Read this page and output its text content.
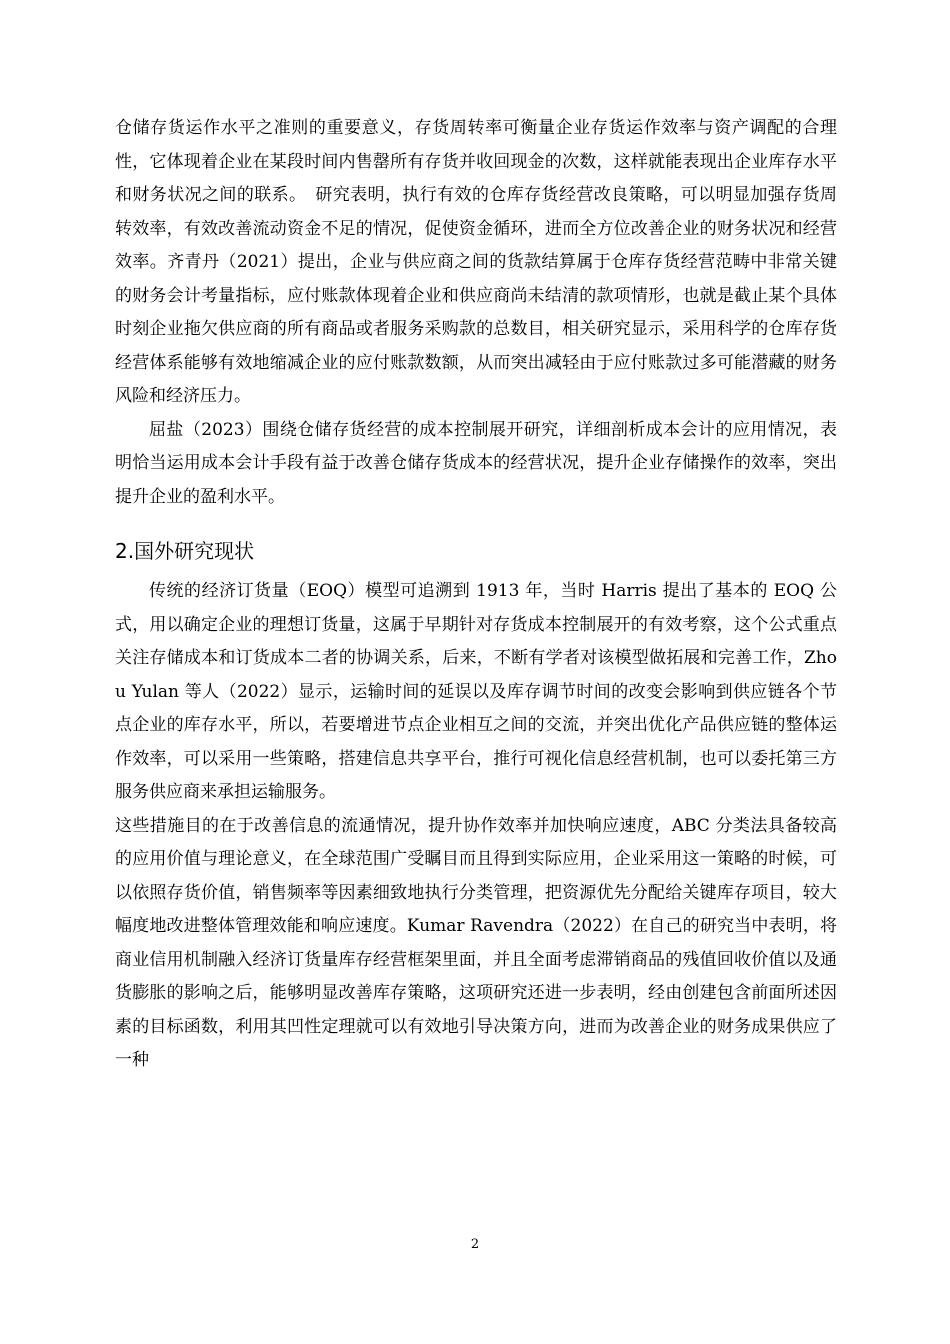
仓储存货运作水平之准则的重要意义，存货周转率可衡量企业存货运作效率与资产调配的合理性，它体现着企业在某段时间内售罄所有存货并收回现金的次数，这样就能表现出企业库存水平和财务状况之间的联系。　研究表明，执行有效的仓库存货经营改良策略，可以明显加强存货周转效率，有效改善流动资金不足的情况，促使资金循环，进而全方位改善企业的财务状况和经营效率。齐青丹（2021）提出，企业与供应商之间的货款结算属于仓库存货经营范畴中非常关键的财务会计考量指标，应付账款体现着企业和供应商尚未结清的款项情形，也就是截止某个具体时刻企业拖欠供应商的所有商品或者服务采购款的总数目，相关研究显示，采用科学的仓库存货经营体系能够有效地缩减企业的应付账款数额，从而突出减轻由于应付账款过多可能潜藏的财务风险和经济压力。

屈盐（2023）围绕仓储存货经营的成本控制展开研究，详细剖析成本会计的应用情况，表明恰当运用成本会计手段有益于改善仓储存货成本的经营状况，提升企业存储操作的效率，突出提升企业的盈利水平。

2.国外研究现状

传统的经济订货量（EOQ）模型可追溯到 1913 年，当时 Harris 提出了基本的 EOQ 公式，用以确定企业的理想订货量，这属于早期针对存货成本控制展开的有效考察，这个公式重点关注存储成本和订货成本二者的协调关系，后来，不断有学者对该模型做拓展和完善工作，Zhou Yulan 等人（2022）显示，运输时间的延误以及库存调节时间的改变会影响到供应链各个节点企业的库存水平，所以，若要增进节点企业相互之间的交流，并突出优化产品供应链的整体运作效率，可以采用一些策略，搭建信息共享平台，推行可视化信息经营机制，也可以委托第三方服务供应商来承担运输服务。

这些措施目的在于改善信息的流通情况，提升协作效率并加快响应速度，ABC 分类法具备较高的应用价值与理论意义，在全球范围广受瞩目而且得到实际应用，企业采用这一策略的时候，可以依照存货价值，销售频率等因素细致地执行分类管理，把资源优先分配给关键库存项目，较大幅度地改进整体管理效能和响应速度。Kumar Ravendra（2022）在自己的研究当中表明，将商业信用机制融入经济订货量库存经营框架里面，并且全面考虑滞销商品的残值回收价值以及通货膨胀的影响之后，能够明显改善库存策略，这项研究还进一步表明，经由创建包含前面所述因素的目标函数，利用其凹性定理就可以有效地引导决策方向，进而为改善企业的财务成果供应了一种

2
